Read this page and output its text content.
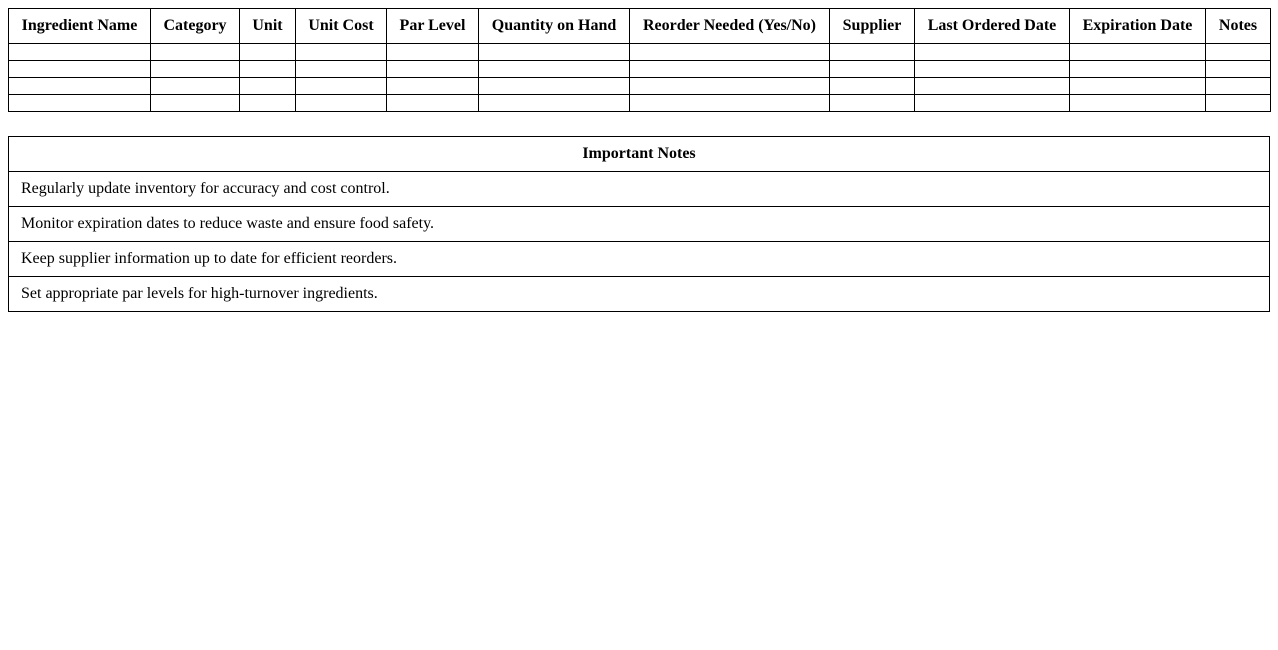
Ingredient Name	Category	Unit	Unit Cost	Par Level	Quantity on Hand	Reorder Needed (Yes/No)	Supplier	Last Ordered Date	Expiration Date	Notes

Important Notes
Regularly update inventory for accuracy and cost control.
Monitor expiration dates to reduce waste and ensure food safety.
Keep supplier information up to date for efficient reorders.
Set appropriate par levels for high-turnover ingredients.
